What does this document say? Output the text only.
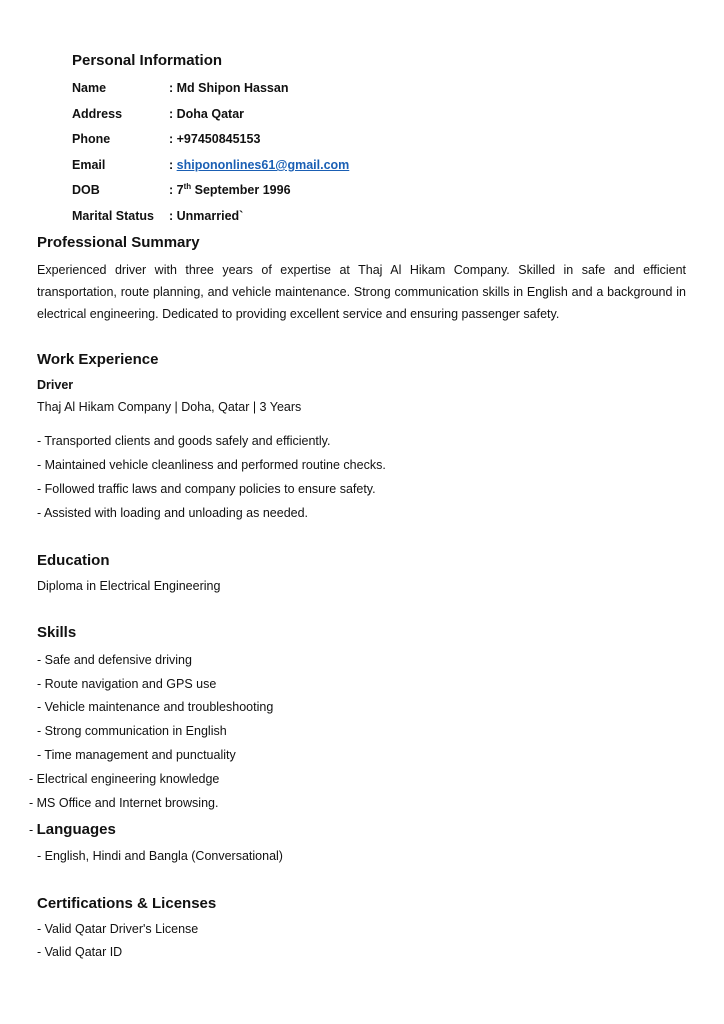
Personal Information
Name	: Md Shipon Hassan
Address	: Doha Qatar
Phone	: +97450845153
Email	: shipononlines61@gmail.com
DOB	: 7th September 1996
Marital Status : Unmarried`
Professional Summary
Experienced driver with three years of expertise at Thaj Al Hikam Company. Skilled in safe and efficient transportation, route planning, and vehicle maintenance. Strong communication skills in English and a background in electrical engineering. Dedicated to providing excellent service and ensuring passenger safety.
Work Experience
Driver
Thaj Al Hikam Company | Doha, Qatar | 3 Years
- Transported clients and goods safely and efficiently.
- Maintained vehicle cleanliness and performed routine checks.
- Followed traffic laws and company policies to ensure safety.
- Assisted with loading and unloading as needed.
Education
Diploma in Electrical Engineering
Skills
- Safe and defensive driving
- Route navigation and GPS use
- Vehicle maintenance and troubleshooting
- Strong communication in English
- Time management and punctuality
- Electrical engineering knowledge
- MS Office and Internet browsing.
- Languages
- English, Hindi and Bangla (Conversational)
Certifications & Licenses
- Valid Qatar Driver's License
- Valid Qatar ID
